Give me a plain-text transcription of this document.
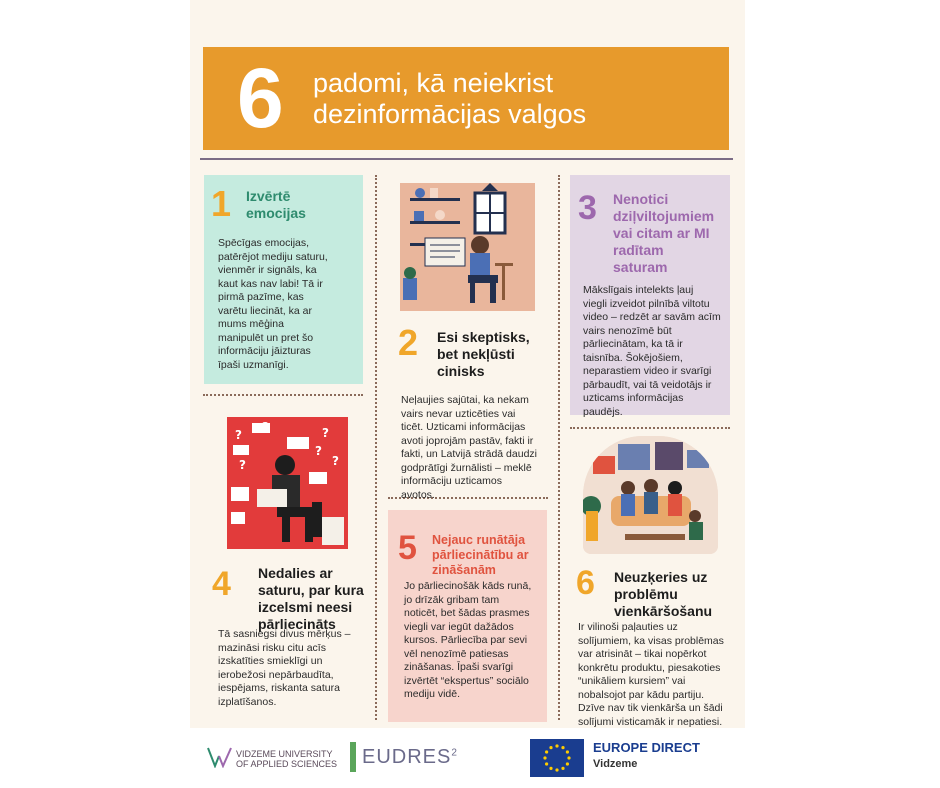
6 padomi, kā neiekrist
dezinformācijas valgos
1 Izvērtē
emocijas
Spēcīgas emocijas,
patērējot mediju saturu,
vienmēr ir signāls, ka
kaut kas nav labi! Tā ir
pirmā pazīme, kas
varētu liecināt, ka ar
mums mēģina
manipulēt un pret šo
informāciju jāizturas
īpaši uzmanīgi.
2 Esi skeptisks,
bet nekļūsti
cinisks
Neļaujies sajūtai, ka nekam
vairs nevar uzticēties vai
ticēt. Uzticami informācijas
avoti joprojām pastāv, fakti ir
fakti, un Latvijā strādā daudzi
godprātīgi žurnālisti – meklē
informāciju uzticamos
avotos.
3 Nenotici
dziļviltojumiem
vai citam ar MI
radītam
saturam
Mākslīgais intelekts ļauj
viegli izveidot pilnībā viltotu
video – redzēt ar savām acīm
vairs nenozīmē būt
pārliecinātam, ka tā ir
taisnība. Šokējošiem,
neparastiem video ir svarīgi
pārbaudīt, vai tā veidotājs ir
uzticams informācijas
paudējs.
?	?
?
?
?
4 Nedalies ar
saturu, par kura
izcelsmi neesi
pārliecināts
Tā sasniegsi divus mērķus –
mazināsi risku citu acīs
izskatīties smieklīgi un
ierobežosi nepārbaudīta,
iespējams, riskanta satura
izplatīšanos.
5 Nejauc runātāja
pārliecinātību ar
zināšanām
Jo pārliecinošāk kāds runā,
jo drīzāk gribam tam
noticēt, bet šādas prasmes
viegli var iegūt dažādos
kursos. Pārliecība par sevi
vēl nenozīmē patiesas
zināšanas. Īpaši svarīgi
izvērtēt “ekspertus” sociālo
mediju vidē.
6 Neuzķeries uz
problēmu
vienkāršošanu
Ir vilinoši paļauties uz
solījumiem, ka visas problēmas
var atrisināt – tikai nopērkot
konkrētu produktu, piesakoties
“unikāliem kursiem” vai
nobalsojot par kādu partiju.
Dzīve nav tik vienkārša un šādi
solījumi visticamāk ir nepatiesi.
VIDZEME UNIVERSITY
OF APPLIED SCIENCES EUDRES$^2$	EUROPE DIRECT
Vidzeme
